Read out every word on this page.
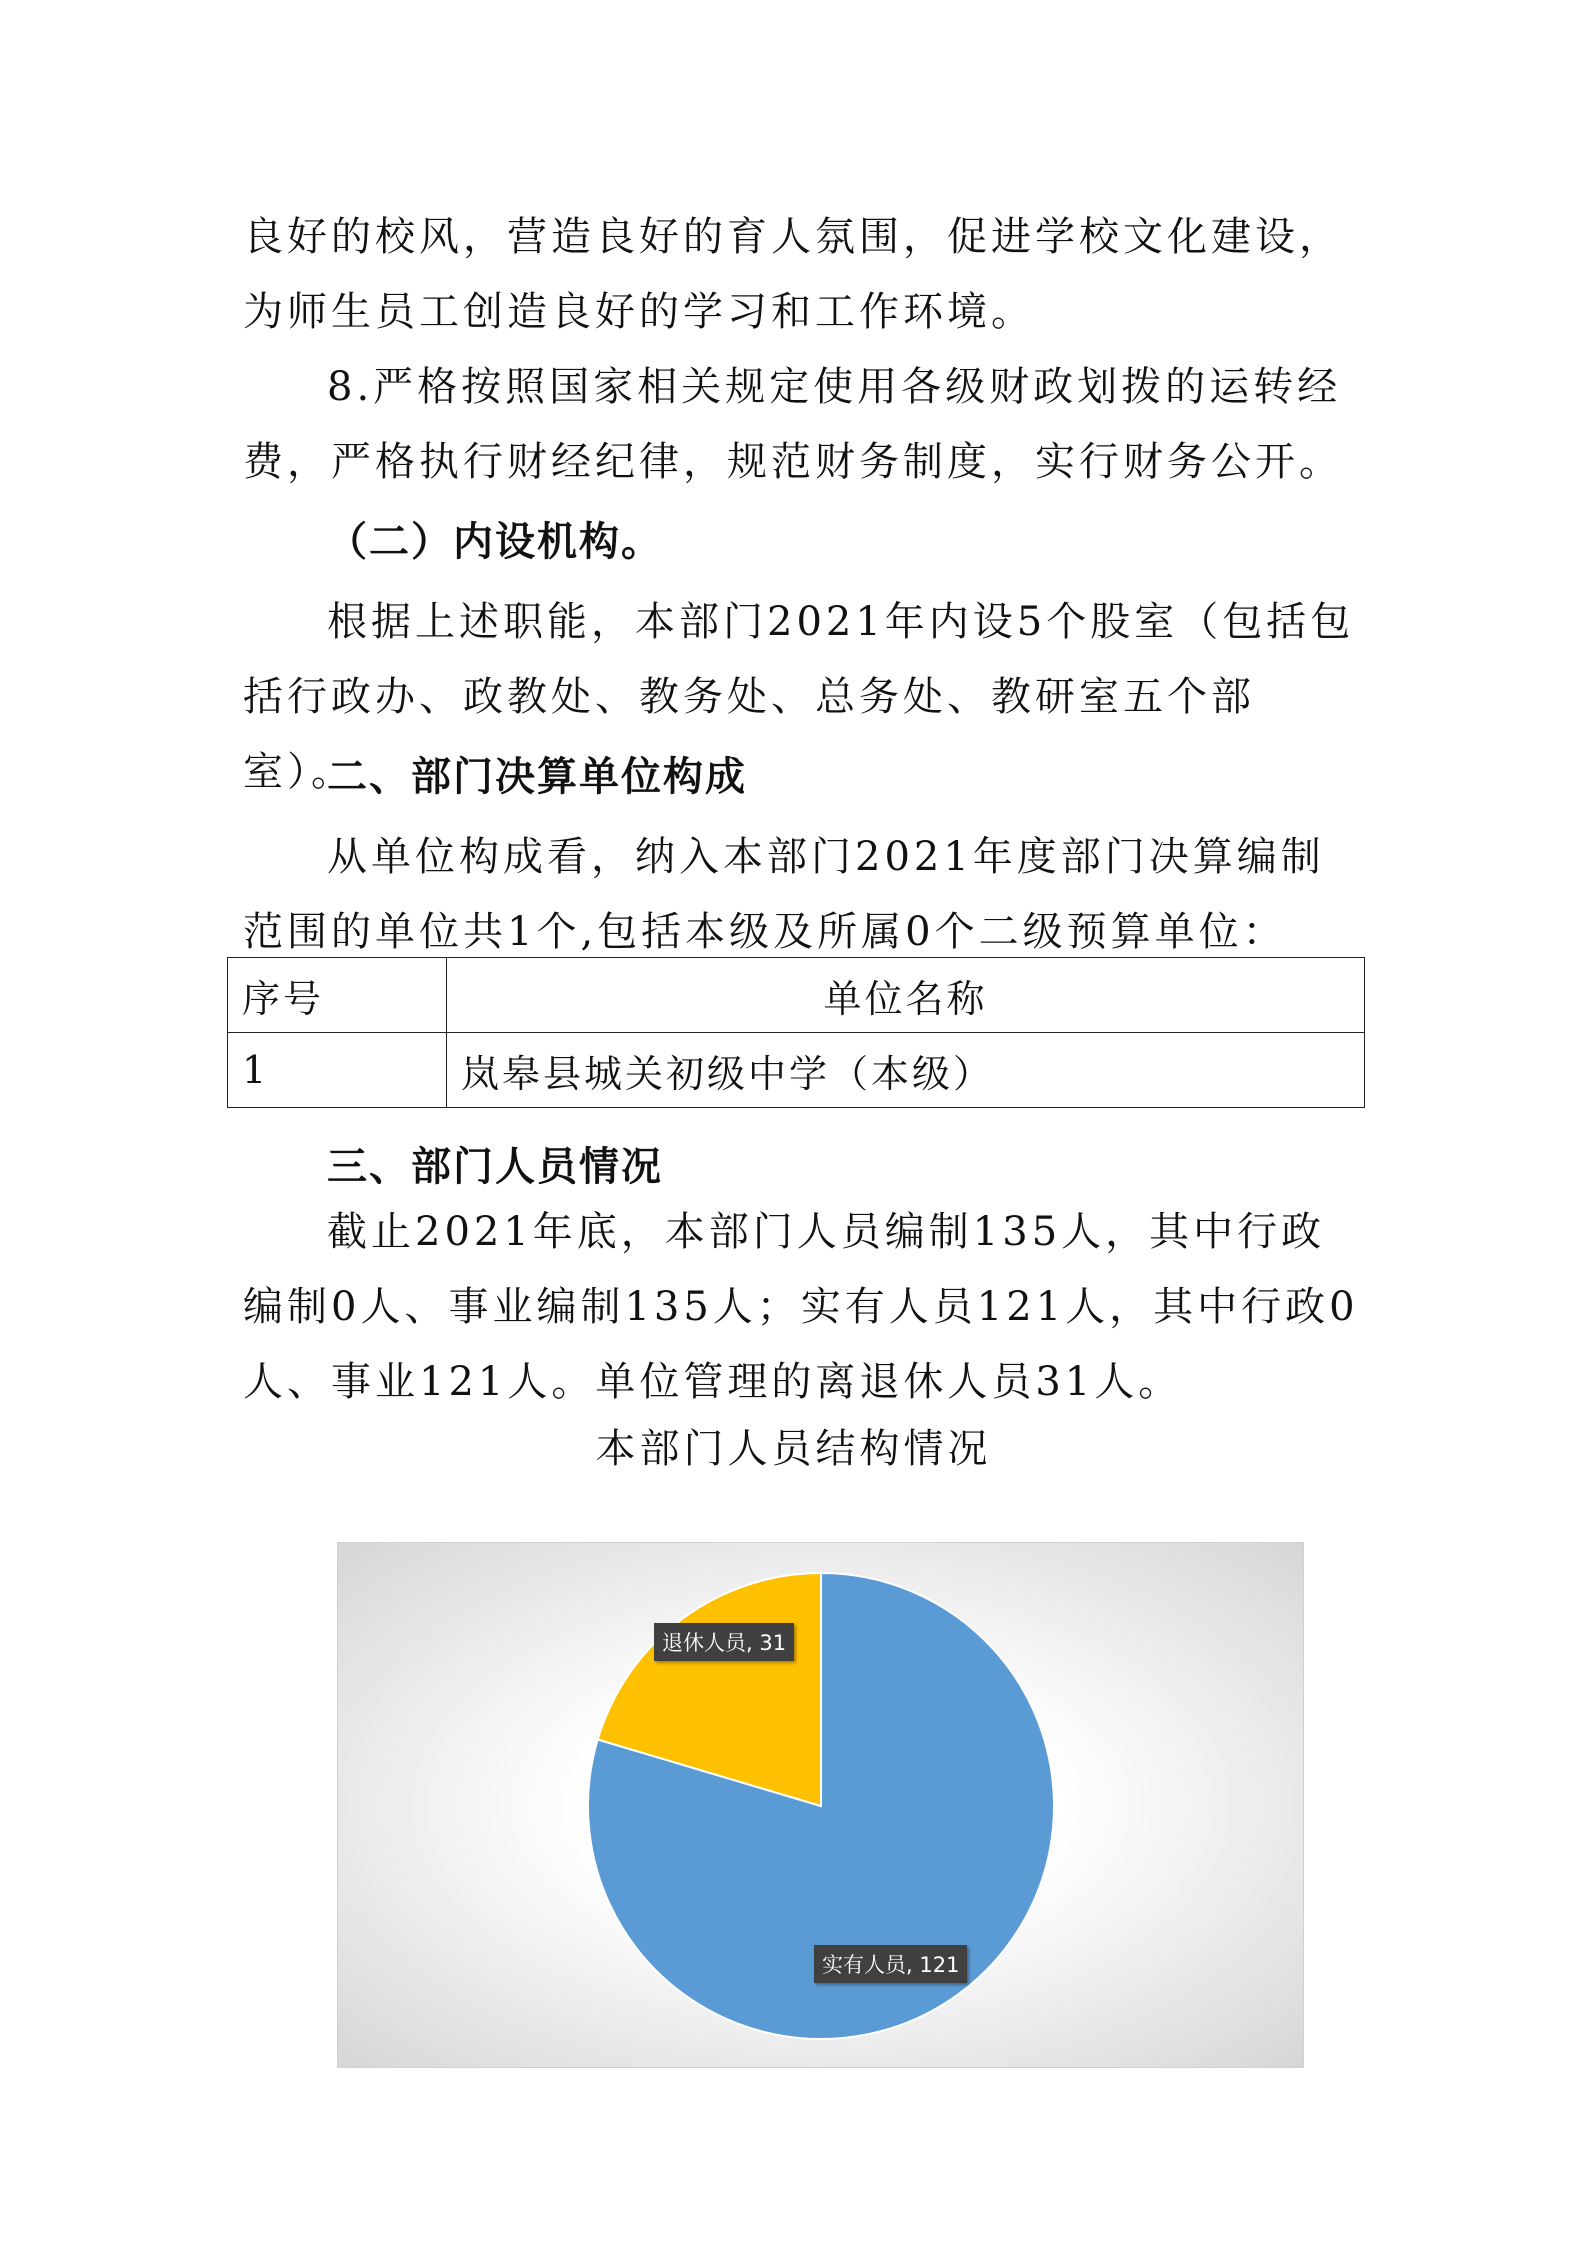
良好的校风，营造良好的育人氛围，促进学校文化建设，为师生员工创造良好的学习和工作环境。
8.严格按照国家相关规定使用各级财政划拨的运转经费，严格执行财经纪律，规范财务制度，实行财务公开。
（二）内设机构。
根据上述职能，本部门2021年内设5个股室（包括包括行政办、政教处、教务处、总务处、教研室五个部室）。
二、部门决算单位构成
从单位构成看，纳入本部门2021年度部门决算编制范围的单位共1个,包括本级及所属0个二级预算单位：
序号	单位名称
1	岚皋县城关初级中学（本级）
三、部门人员情况
截止2021年底，本部门人员编制135人，其中行政编制0人、事业编制135人；实有人员121人，其中行政0人、事业121人。单位管理的离退休人员31人。
本部门人员结构情况
实有人员, 121
退休人员, 31
